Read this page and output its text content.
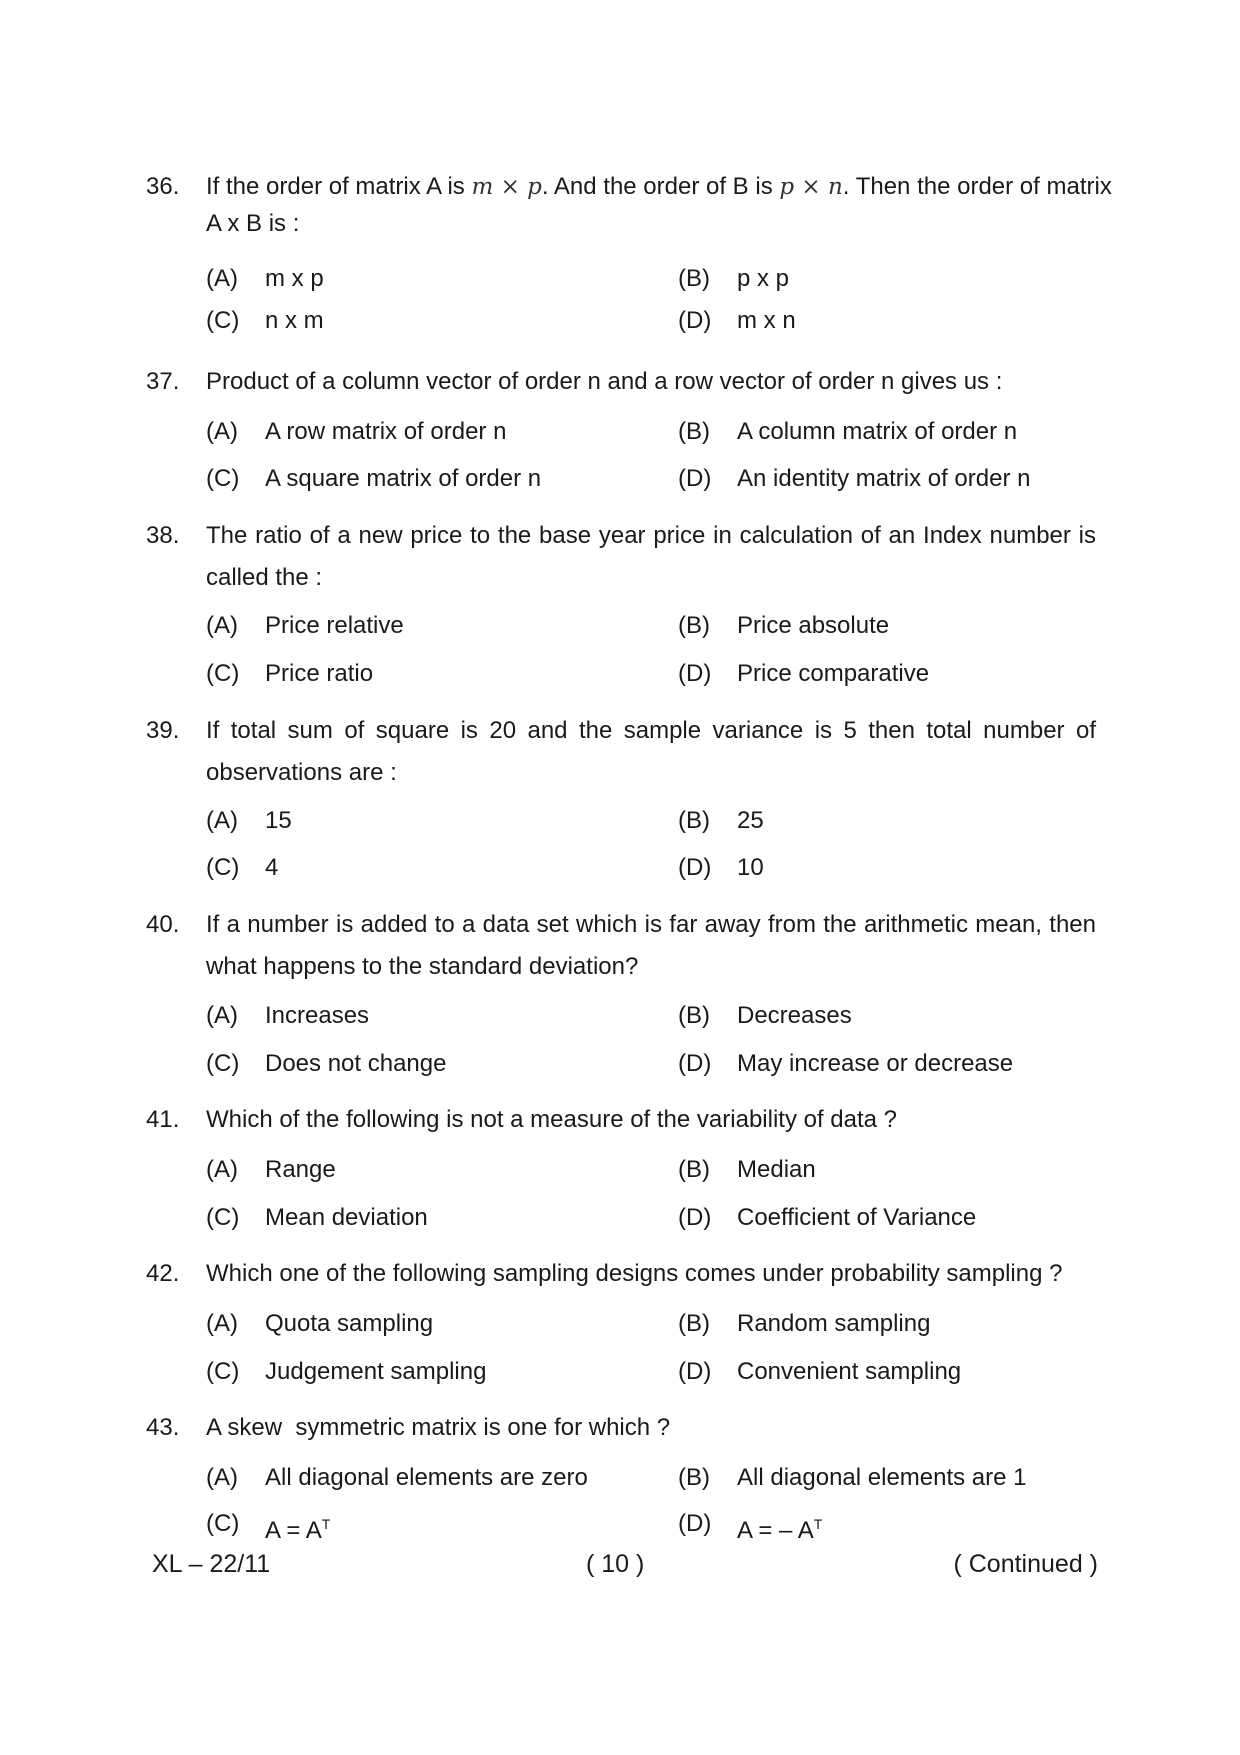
36. If the order of matrix A is m × p. And the order of B is p × n. Then the order of matrix
A x B is :
(A) m x p	(B) p x p
(C) n x m	(D) m x n
37. Product of a column vector of order n and a row vector of order n gives us :
(A) A row matrix of order n	(B) A column matrix of order n
(C) A square matrix of order n	(D) An identity matrix of order n
38. The ratio of a new price to the base year price in calculation of an Index number is
called the :
(A) Price relative	(B) Price absolute
(C) Price ratio	(D) Price comparative
39. If total sum of square is 20 and the sample variance is 5 then total number of
observations are :
(A) 15	(B) 25
(C) 4	(D) 10
40. If a number is added to a data set which is far away from the arithmetic mean, then
what happens to the standard deviation?
(A) Increases	(B) Decreases
(C) Does not change	(D) May increase or decrease
41. Which of the following is not a measure of the variability of data ?
(A) Range	(B) Median
(C) Mean deviation	(D) Coefficient of Variance
42. Which one of the following sampling designs comes under probability sampling ?
(A) Quota sampling	(B) Random sampling
(C) Judgement sampling	(D) Convenient sampling
43. A skew  symmetric matrix is one for which ?
(A) All diagonal elements are zero	(B) All diagonal elements are 1
(C) $A = A^T$	(D) A = – $A^T$
XL – 22/11	( 10 )	( Continued )
